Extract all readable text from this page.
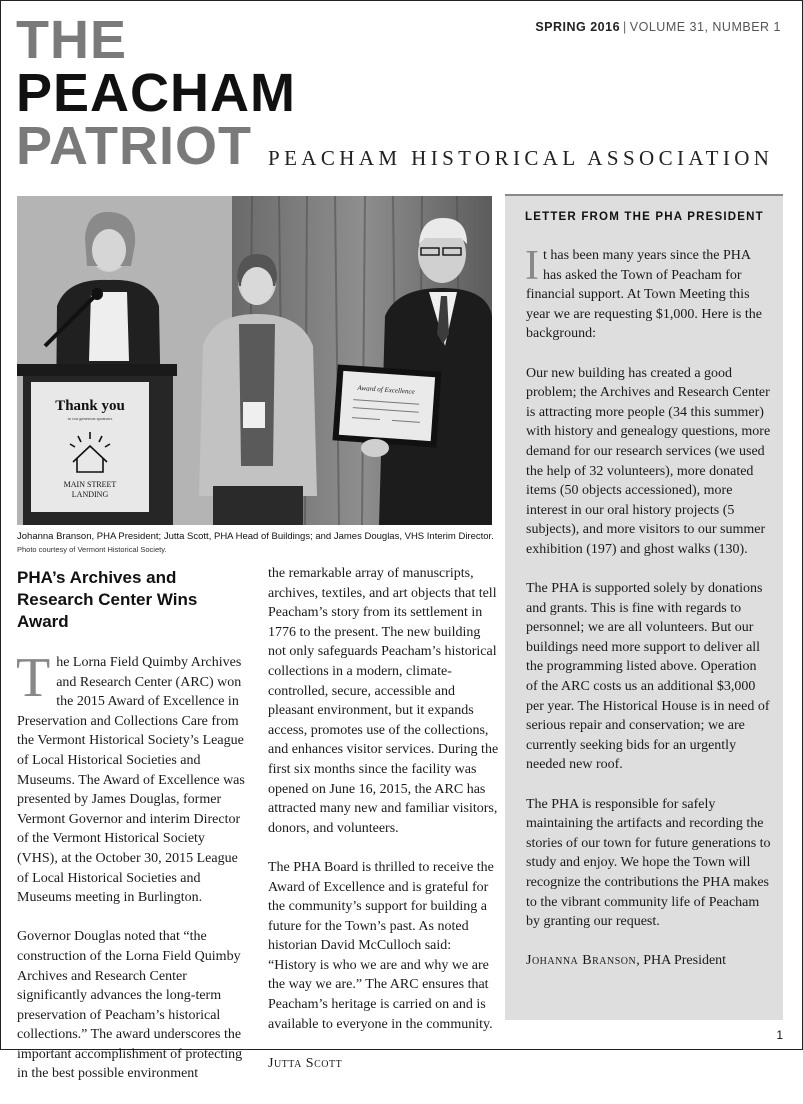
THE
PEACHAM
PATRIOT
SPRING 2016 | VOLUME 31, NUMBER 1
PEACHAM HISTORICAL ASSOCIATION
Thank you
to our generous sponsors
MAIN STREET
LANDING
Award of Excellence
Johanna Branson, PHA President; Jutta Scott, PHA Head of Buildings; and James Douglas, VHS Interim Director.
Photo courtesy of Vermont Historical Society.
PHA’s Archives and Research Center Wins Award

The Lorna Field Quimby Archives and Research Center (ARC) won the 2015 Award of Excellence in Preservation and Collections Care from the Vermont Historical Society’s League of Local Historical Societies and Museums. The Award of Excellence was presented by James Douglas, former Vermont Governor and interim Director of the Vermont Historical Society (VHS), at the October 30, 2015 League of Local Historical Societies and Museums meeting in Burlington.

Governor Douglas noted that “the construction of the Lorna Field Quimby Archives and Research Center significantly advances the long-term preservation of Peacham’s historical collections.” The award underscores the important accomplishment of protecting in the best possible environment

the remarkable array of manuscripts, archives, textiles, and art objects that tell Peacham’s story from its settlement in 1776 to the present. The new building not only safeguards Peacham’s historical collections in a modern, climate-controlled, secure, accessible and pleasant environment, but it expands access, promotes use of the collections, and enhances visitor services. During the first six months since the facility was opened on June 16, 2015, the ARC has attracted many new and familiar visitors, donors, and volunteers.

The PHA Board is thrilled to receive the Award of Excellence and is grateful for the community’s support for building a future for the Town’s past. As noted historian David McCulloch said: “History is who we are and why we are the way we are.” The ARC ensures that Peacham’s heritage is carried on and is available to everyone in the community.

Jutta Scott

LETTER FROM THE PHA PRESIDENT

It has been many years since the PHA has asked the Town of Peacham for financial support. At Town Meeting this year we are requesting $1,000. Here is the background:

Our new building has created a good problem; the Archives and Research Center is attracting more people (34 this summer) with history and genealogy questions, more demand for our research services (we used the help of 32 volunteers), more donated items (50 objects accessioned), more interest in our oral history projects (5 subjects), and more visitors to our summer exhibition (197) and ghost walks (130).

The PHA is supported solely by donations and grants. This is fine with regards to personnel; we are all volunteers. But our buildings need more support to deliver all the programming listed above. Operation of the ARC costs us an additional $3,000 per year. The Historical House is in need of serious repair and conservation; we are currently seeking bids for an urgently needed new roof.

The PHA is responsible for safely maintaining the artifacts and recording the stories of our town for future generations to study and enjoy. We hope the Town will recognize the contributions the PHA makes to the vibrant community life of Peacham by granting our request.

Johanna Branson, PHA President

1
